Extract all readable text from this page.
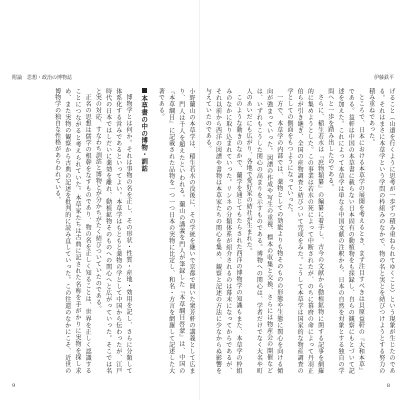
附論　思想・政治の博物誌

小野蘭山の本草学は、稲生若水の没後に、その学統を継いで京都で開いた衆芳軒の講義として広まり、門人は千人を超えたといわれる。蘭山の講義を門人が筆録した『本草綱目啓蒙』は、中国の『本草綱目』に記載された品物を一つ一つ日本の実物に比定し、和名・方言を網羅して記述した大著である。

本草書の中の博物・訓詁

博物学とは何か。それは事物の名を正し、その形状・性質・産地・効用を記し、さらに分類して体系化する営みであるといってよい。本草学はもともと薬物の学として中国から伝わったが、江戸時代の日本ではしだいに薬効を離れ、動植鉱物そのものへの関心へと広がっていった。そこでは名と実の対応、すなわち訓詁と博物とが分かちがたく結びついていたのである。

正名の思想は儒学の根幹をなすものであり、物の名を正しく知ることは、世界を正しく認識することにつながると考えられていた。本草家たちは古典に記された名称を手がかりに実物を探し求め、また実物の観察から古典の記述を批判的に読み直していった。この往還のなかにこそ、近世の博物学の独自な性格があらわれている。

9
伊藤鉄平

げること（山道を行くように思考が一歩ずつ積み重ねられてゆくこと）という現象が生じたのである。それはまさに本草学という学問の枠組みのなかで、物の名と実とを結びつけようとする努力の積み重ねであった。

ところで、日本における本草学の展開を考えるとき、まず注目すべきは貝原益軒の『大和本草』である。益軒は中国の本草書に載らない日本固有の動植物をも採録し、自らの観察にもとづいて記述を加えた。これによって本草学は単なる中国文献の注釈から、日本の自然を対象とする独自の学問へと一歩を踏み出したのである。

さらに、稲生若水は『庶物類纂』の編纂に着手し、古今の文献から動植鉱物に関する記事を網羅的に集めようとした。この事業は若水の死によって中断されたが、のちに幕府の命によって丹羽正伯らが引き継ぎ、全国の産物調査と結びついて完成をみた。こうして本草学は国家的な物産調査の学としての側面をもつようになっていった。

一方で、本草学の内部では、薬物としての効能よりも物そのものの形態や生態に関心を向ける傾向が強まっていった。図譜の作成や写生の重視、標本の収集と交換、さらには物産会の開催などは、いずれもこうした関心の高まりを示すものである。博物への関心は、学者だけでなく大名や町人のあいだにも広がり、各地で愛好家の結社が生まれた。

このような動きのなかで、蘭学を通じてもたらされた西洋の博物学の知識もまた、本草学の枠組みのなかに取り込まれていった。リンネの分類体系が紹介されるのは幕末になってからであるが、それ以前から西洋の図譜や書物は本草家たちの関心を集め、観察と記述の方法に少なからぬ影響を与えていたのである。

8
